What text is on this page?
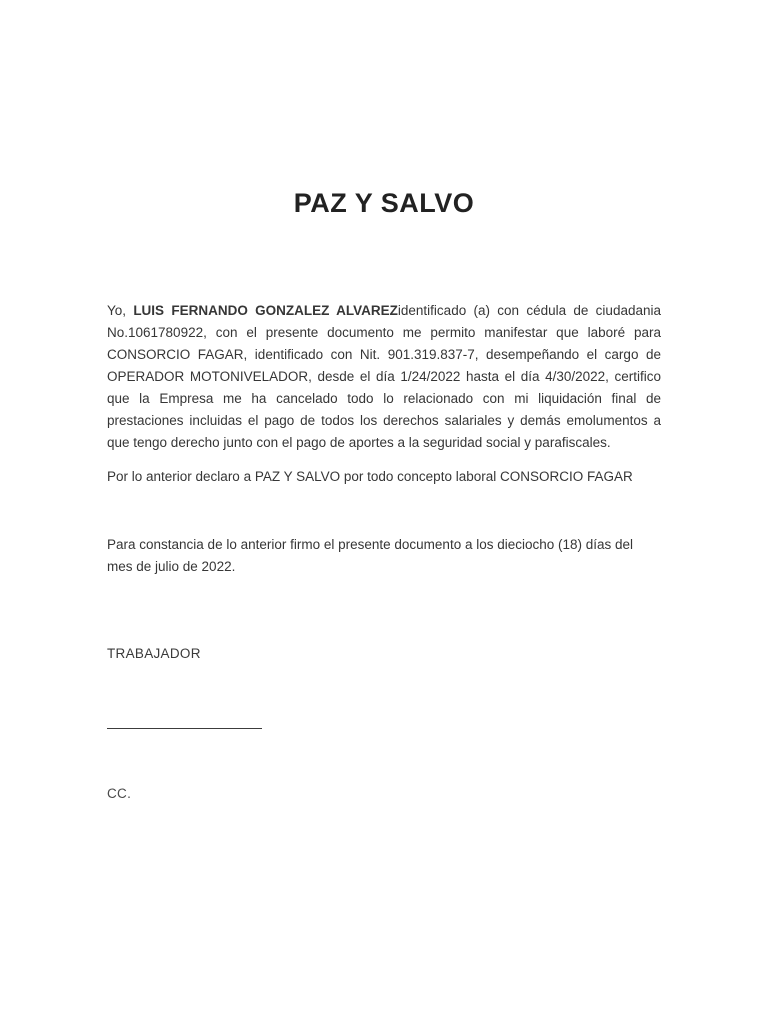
PAZ Y SALVO

Yo, LUIS FERNANDO GONZALEZ ALVAREZidentificado (a) con cédula de ciudadania No.1061780922, con el presente documento me permito manifestar que laboré para CONSORCIO FAGAR, identificado con Nit. 901.319.837-7, desempeñando el cargo de OPERADOR MOTONIVELADOR, desde el día 1/24/2022 hasta el día 4/30/2022, certifico que la Empresa me ha cancelado todo lo relacionado con mi liquidación final de prestaciones incluidas el pago de todos los derechos salariales y demás emolumentos a que tengo derecho junto con el pago de aportes a la seguridad social y parafiscales.

Por lo anterior declaro a PAZ Y SALVO por todo concepto laboral CONSORCIO FAGAR

Para constancia de lo anterior firmo el presente documento a los dieciocho (18) días del mes de julio de 2022.

TRABAJADOR
CC.
